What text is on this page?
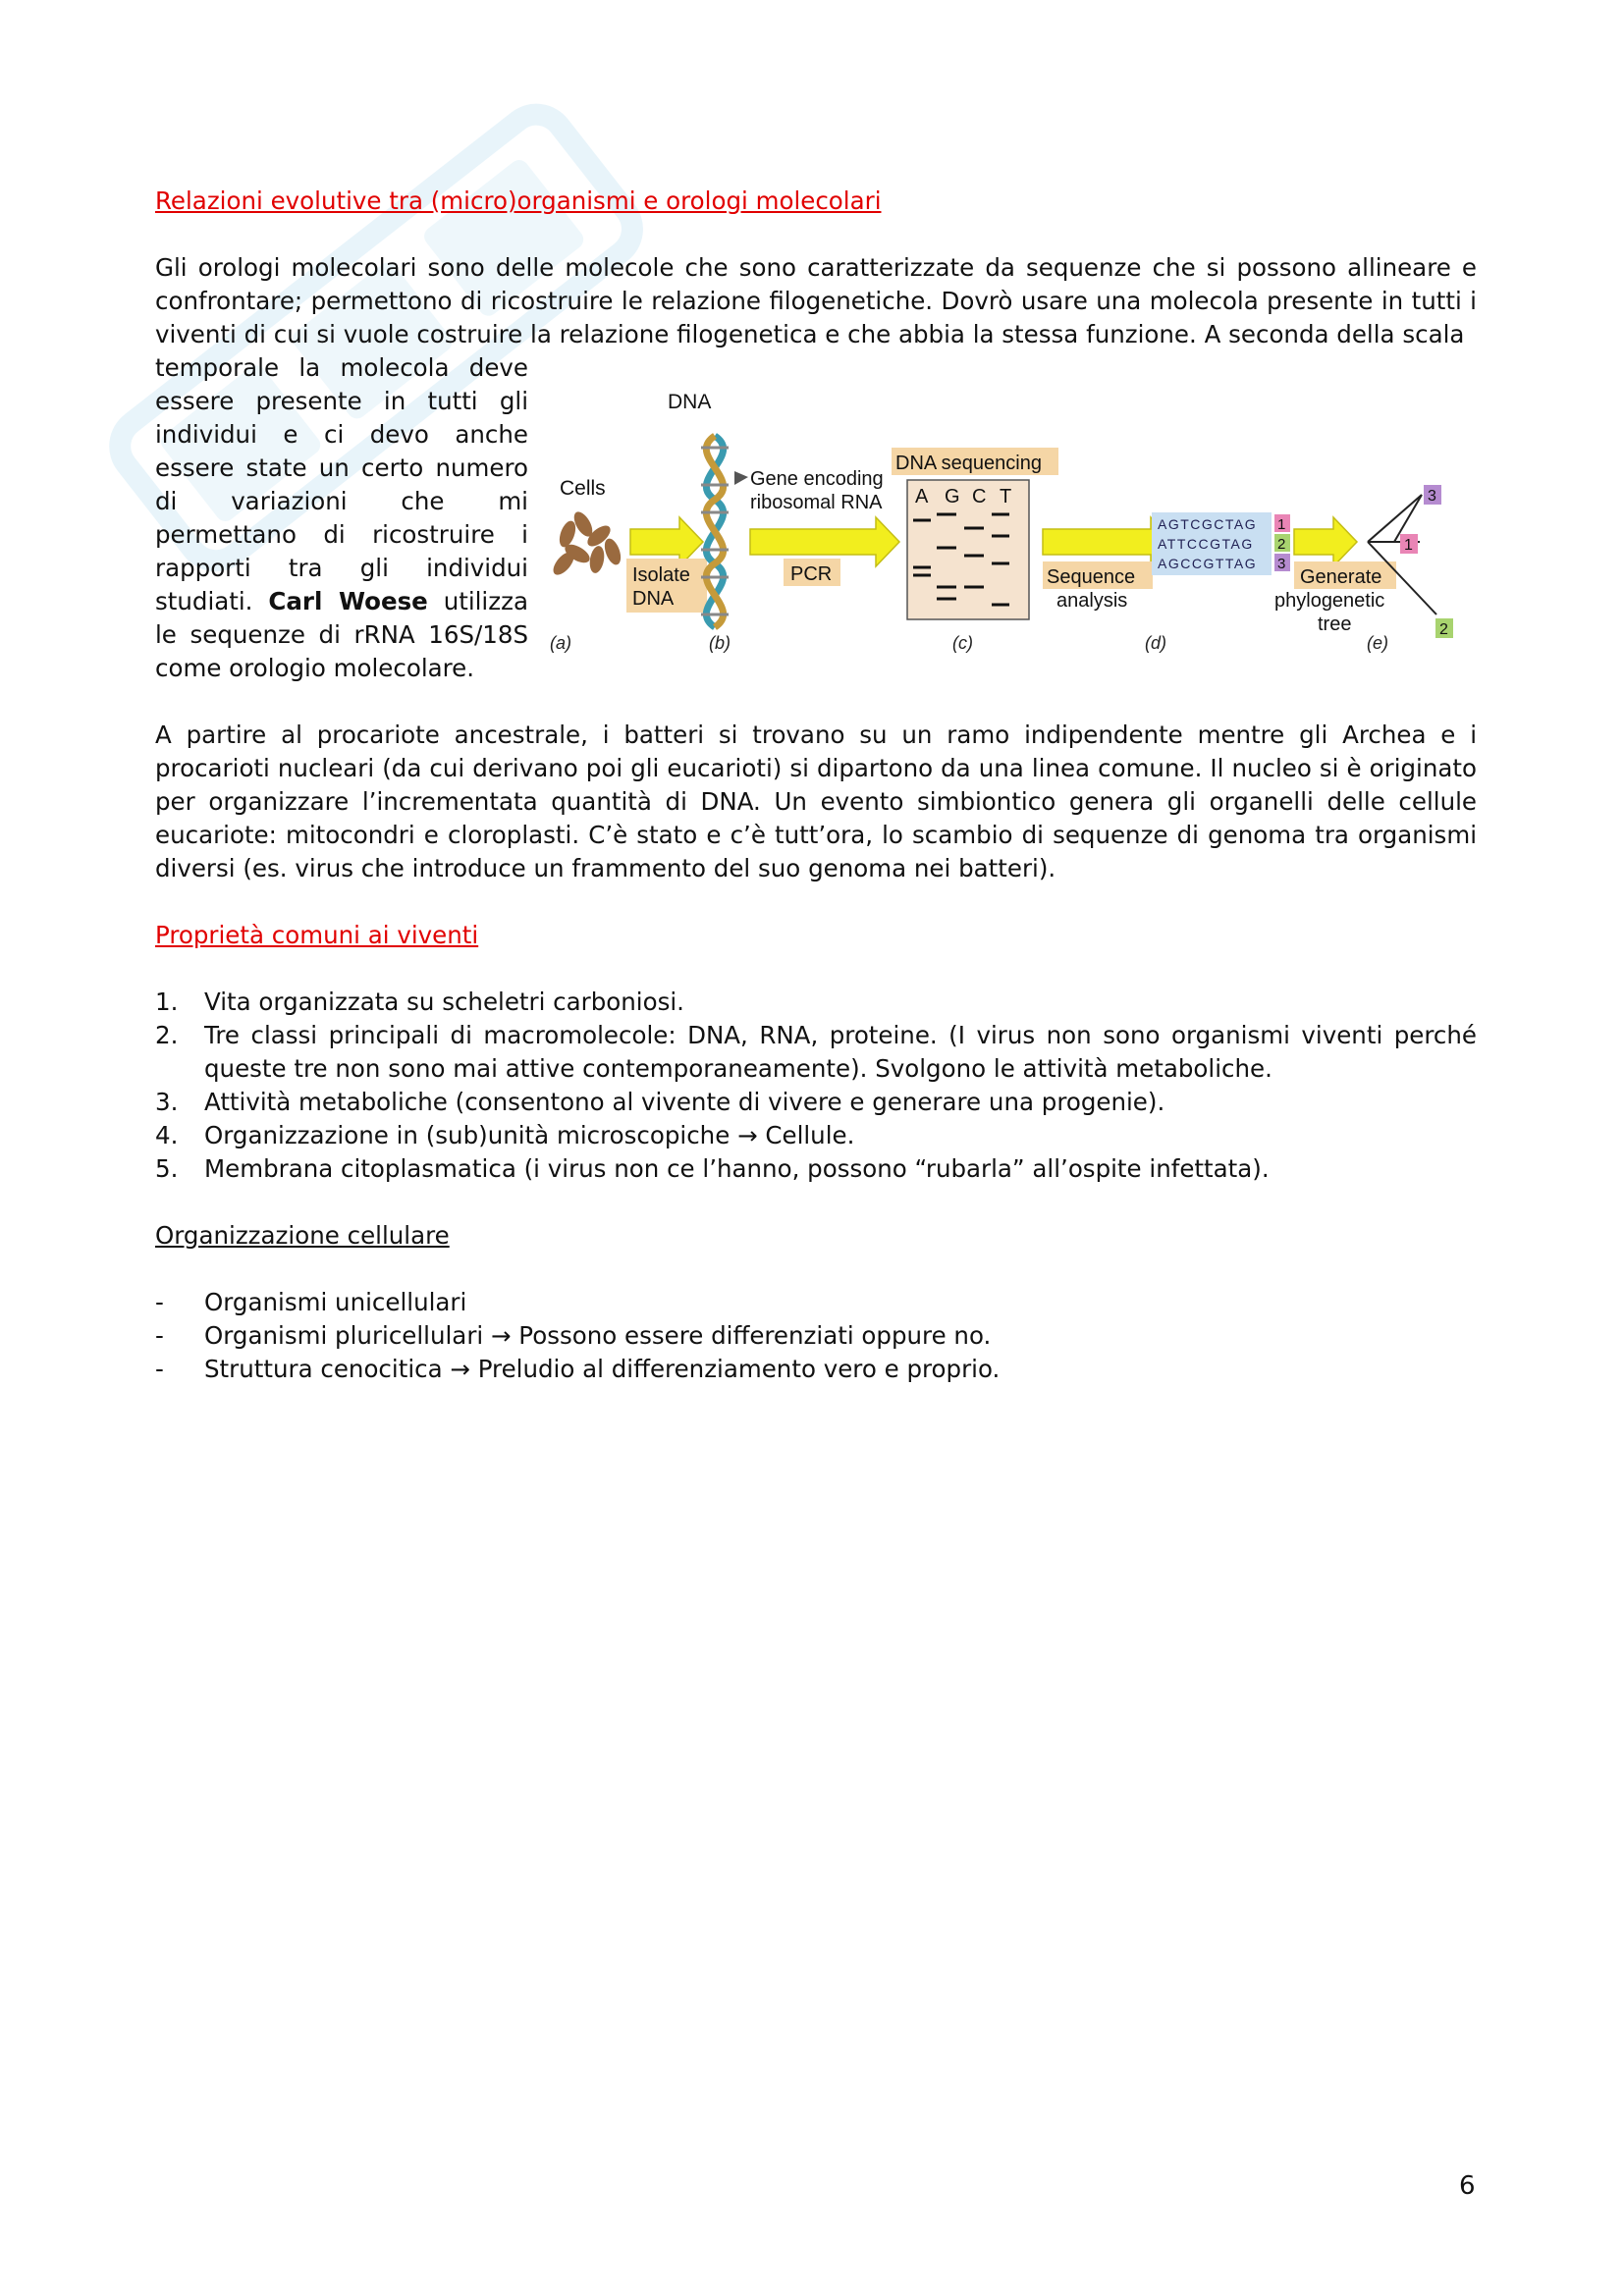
Relazioni evolutive tra (micro)organismi e orologi molecolari

Gli orologi molecolari sono delle molecole che sono caratterizzate da sequenze che si possono allineare e confrontare; permettono di ricostruire le relazione filogenetiche. Dovrò usare una molecola presente in tutti i viventi di cui si vuole costruire la relazione filogenetica e che abbia la stessa funzione. A seconda della scala

temporale la molecola deve essere presente in tutti gli individui e ci devo anche essere state un certo numero di variazioni che mi permettano di ricostruire i rapporti tra gli individui studiati. Carl Woese utilizza le sequenze di rRNA 16S/18S come orologio molecolare.

A partire al procariote ancestrale, i batteri si trovano su un ramo indipendente mentre gli Archea e i procarioti nucleari (da cui derivano poi gli eucarioti) si dipartono da una linea comune. Il nucleo si è originato per organizzare l’incrementata quantità di DNA. Un evento simbiontico genera gli organelli delle cellule eucariote: mitocondri e cloroplasti. C’è stato e c’è tutt’ora, lo scambio di sequenze di genoma tra organismi diversi (es. virus che introduce un frammento del suo genoma nei batteri).

Proprietà comuni ai viventi
1.	Vita organizzata su scheletri carboniosi.
2.	Tre classi principali di macromolecole: DNA, RNA, proteine. (I virus non sono organismi viventi perché queste tre non sono mai attive contemporaneamente). Svolgono le attività metaboliche.
3.	Attività metaboliche (consentono al vivente di vivere e generare una progenie).
4.	Organizzazione in (sub)unità microscopiche → Cellule.
5.	Membrana citoplasmatica (i virus non ce l’hanno, possono “rubarla” all’ospite infettata).
Organizzazione cellulare
-	Organismi unicellulari
-	Organismi pluricellulari → Possono essere differenziati oppure no.
-	Struttura cenocitica → Preludio al differenziamento vero e proprio.
Cells
(a)
Isolate
DNA
DNA
(b)
Gene encoding
ribosomal RNA
PCR
DNA sequencing
A G C T
(c)
Sequence
analysis
AGTCGCTAG
ATTCCGTAG
AGCCGTTAG
1
2
3
(d)
Generate
phylogenetic
tree
3
1
2
(e)
6
